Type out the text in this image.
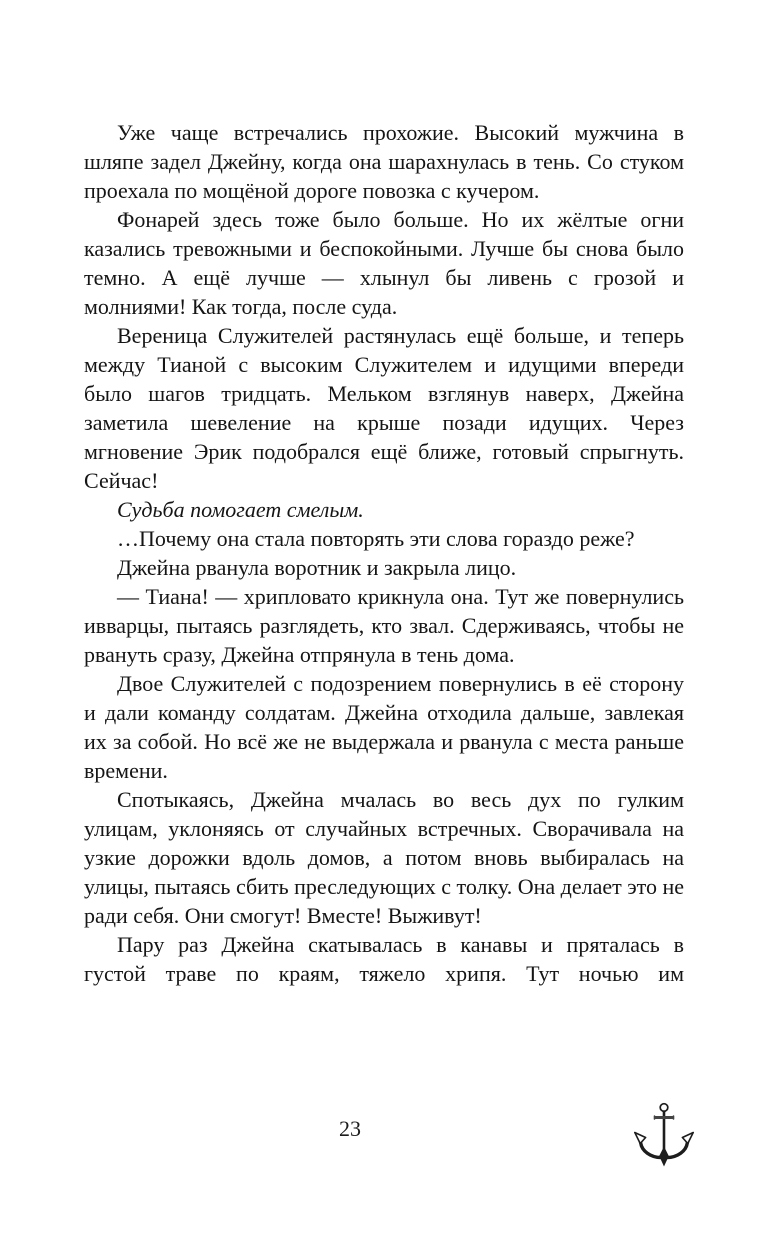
Уже чаще встречались прохожие. Высокий мужчина в шляпе задел Джейну, когда она шарахнулась в тень. Со стуком проехала по мощёной дороге повозка с кучером.

Фонарей здесь тоже было больше. Но их жёлтые огни казались тревожными и беспокойными. Лучше бы снова было темно. А ещё лучше — хлынул бы ливень с грозой и молниями! Как тогда, после суда.

Вереница Служителей растянулась ещё больше, и теперь между Тианой с высоким Служителем и идущими впереди было шагов тридцать. Мельком взглянув наверх, Джейна заметила шевеление на крыше позади идущих. Через мгновение Эрик подобрался ещё ближе, готовый спрыгнуть. Сейчас!

Судьба помогает смелым.

…Почему она стала повторять эти слова гораздо реже?

Джейна рванула воротник и закрыла лицо.

— Тиана! — хрипловато крикнула она. Тут же повернулись ивварцы, пытаясь разглядеть, кто звал. Сдерживаясь, чтобы не рвануть сразу, Джейна отпрянула в тень дома.

Двое Служителей с подозрением повернулись в её сторону и дали команду солдатам. Джейна отходила дальше, завлекая их за собой. Но всё же не выдержала и рванула с места раньше времени.

Спотыкаясь, Джейна мчалась во весь дух по гулким улицам, уклоняясь от случайных встречных. Сворачивала на узкие дорожки вдоль домов, а потом вновь выбиралась на улицы, пытаясь сбить преследующих с толку. Она делает это не ради себя. Они смогут! Вместе! Выживут!

Пару раз Джейна скатывалась в канавы и пряталась в густой траве по краям, тяжело хрипя. Тут ночью им

23
